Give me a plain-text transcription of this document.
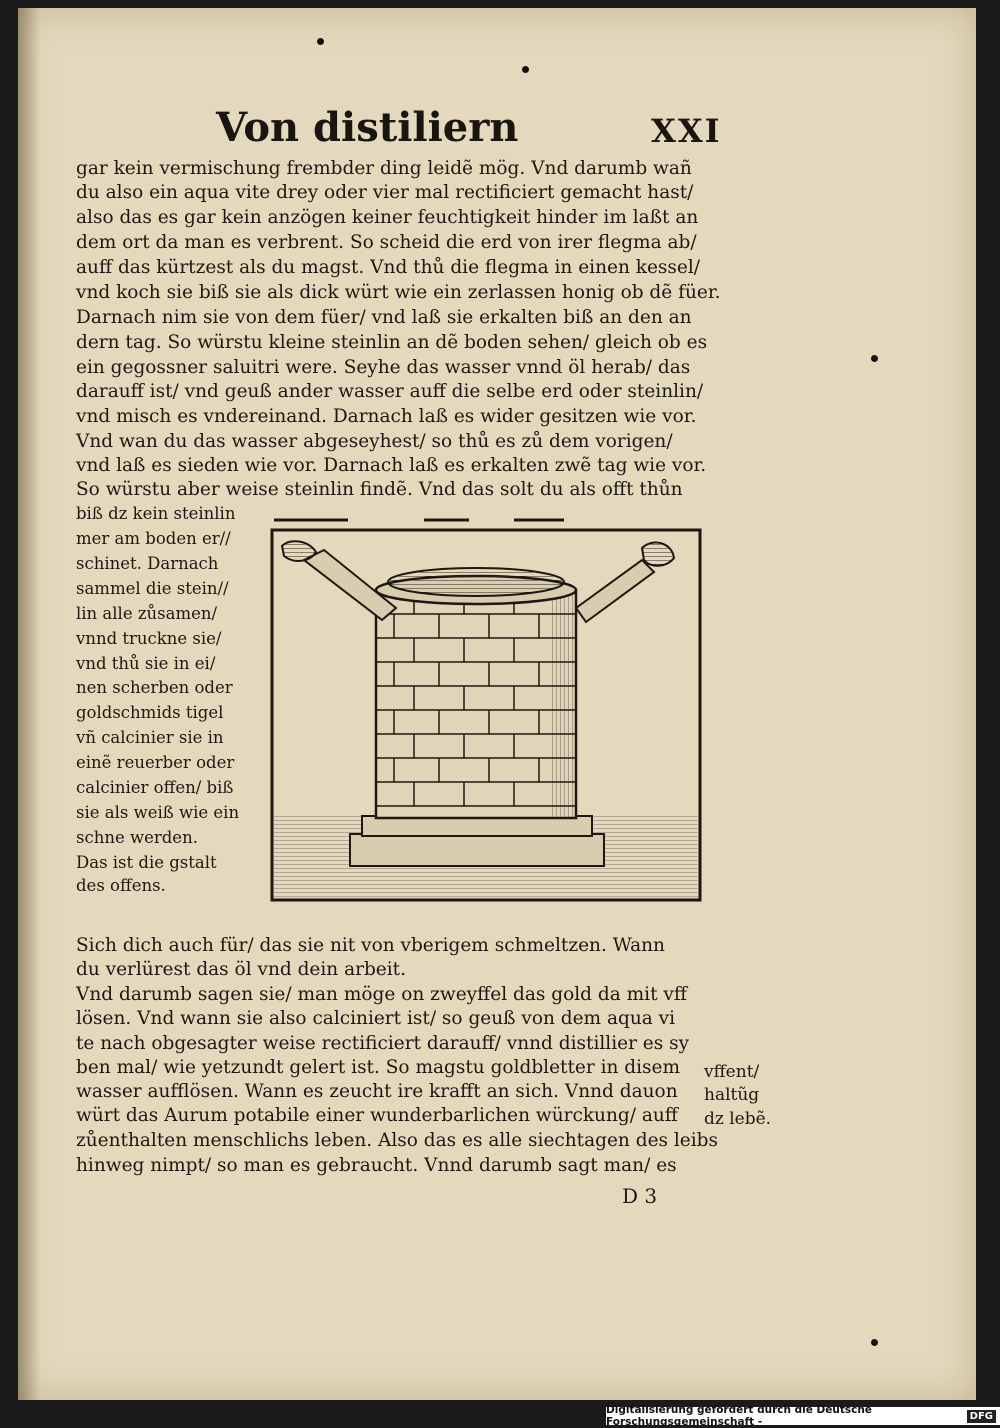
Von distiliern	XXI
gar kein vermischung frembder ding leidẽ mög. Vnd darumb wañ
du also ein aqua vite drey oder vier mal rectificiert gemacht hast/
also das es gar kein anzögen keiner feuchtigkeit hinder im laßt an
dem ort da man es verbrent. So scheid die erd von irer flegma ab/
auff das kürtzest als du magst. Vnd thů die flegma in einen kessel/
vnd koch sie biß sie als dick würt wie ein zerlassen honig ob dẽ füer.
Darnach nim sie von dem füer/ vnd laß sie erkalten biß an den an
dern tag. So würstu kleine steinlin an dẽ boden sehen/ gleich ob es
ein gegossner saluitri were. Seyhe das wasser vnnd öl herab/ das
darauff ist/ vnd geuß ander wasser auff die selbe erd oder steinlin/
vnd misch es vndereinand. Darnach laß es wider gesitzen wie vor.
Vnd wan du das wasser abgeseyhest/ so thů es zů dem vorigen/
vnd laß es sieden wie vor. Darnach laß es erkalten zwẽ tag wie vor.
So würstu aber weise steinlin findẽ. Vnd das solt du als offt thůn
biß dz kein steinlin
mer am boden er//
schinet. Darnach
sammel die stein//
lin alle zůsamen/
vnnd truckne sie/
vnd thů sie in ei/
nen scherben oder
goldschmids tigel
vñ calcinier sie in
einẽ reuerber oder
calcinier offen/ biß
sie als weiß wie ein
schne werden.
Das ist die gstalt
des offens.
Sich dich auch für/ das sie nit von vberigem schmeltzen. Wann
du verlürest das öl vnd dein arbeit.
Vnd darumb sagen sie/ man möge on zweyffel das gold da mit vff
lösen. Vnd wann sie also calciniert ist/ so geuß von dem aqua vi
te nach obgesagter weise rectificiert darauff/ vnnd distillier es sy
ben mal/ wie yetzundt gelert ist. So magstu goldbletter in disem
wasser aufflösen. Wann es zeucht ire krafft an sich. Vnnd dauon
würt das Aurum potabile einer wunderbarlichen würckung/ auff
zůenthalten menschlichs leben. Also das es alle siechtagen des leibs
hinweg nimpt/ so man es gebraucht. Vnnd darumb sagt man/ es
vffent/
haltũg
dz lebẽ.
D 3
Digitalisierung gefördert durch die Deutsche Forschungsgemeinschaft -	DFG
